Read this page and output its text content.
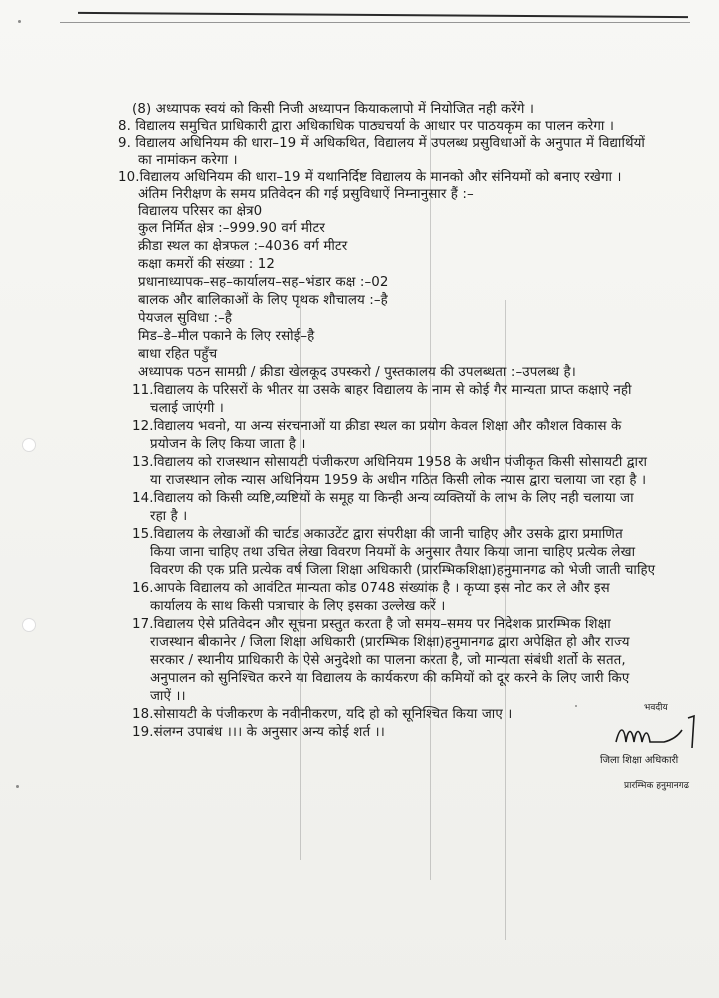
(8) अध्यापक स्वयं को किसी निजी अध्यापन कियाकलापो में नियोजित नही करेंगे ।
8. विद्यालय समुचित प्राधिकारी द्वारा अधिकाधिक पाठ्यचर्या के आधार पर पाठयकृम का पालन करेगा ।
9. विद्यालय अधिनियम की धारा–19 में अधिकथित, विद्यालय में उपलब्ध प्रसुविधाओं के अनुपात में विद्यार्थियों
का नामांकन करेगा ।
10.विद्यालय अधिनियम की धारा–19 में यथानिर्दिष्ट विद्यालय के मानको और संनियमों को बनाए रखेगा ।
अंतिम निरीक्षण के समय प्रतिवेदन की गई प्रसुविधाऐं निम्नानुसार हैं :–
विद्यालय परिसर का क्षेत्र0
कुल निर्मित क्षेत्र :–999.90 वर्ग मीटर
क्रीडा स्थल का क्षेत्रफल :–4036 वर्ग मीटर
कक्षा कमरों की संख्या : 12
प्रधानाध्यापक–सह–कार्यालय–सह–भंडार कक्ष :–02
बालक और बालिकाओं के लिए पृथक शौचालय :–है
पेयजल सुविधा :–है
मिड–डे–मील पकाने के लिए रसोई–है
बाधा रहित पहुँच
अध्यापक पठन सामग्री / क्रीडा खेलकूद उपस्करो / पुस्तकालय की उपलब्धता :–उपलब्ध है।
11.विद्यालय के परिसरों के भीतर या उसके बाहर विद्यालय के नाम से कोई गैर मान्यता प्राप्त कक्षाऐ नही
चलाई जाएंगी ।
12.विद्यालय भवनो, या अन्य संरचनाओं या क्रीडा स्थल का प्रयोग केवल शिक्षा और कौशल विकास के
प्रयोजन के लिए किया जाता है ।
13.विद्यालय को राजस्थान सोसायटी पंजीकरण अधिनियम 1958 के अधीन पंजीकृत किसी सोसायटी द्वारा
या राजस्थान लोक न्यास अधिनियम 1959 के अधीन गठित किसी लोक न्यास द्वारा चलाया जा रहा है ।
14.विद्यालय को किसी व्यष्टि,व्यष्टियों के समूह या किन्ही अन्य व्यक्तियों के लाभ के लिए नही चलाया जा
रहा है ।
15.विद्यालय के लेखाओं की चार्टड अकाउटेंट द्वारा संपरीक्षा की जानी चाहिए और उसके द्वारा प्रमाणित
किया जाना चाहिए तथा उचित लेखा विवरण नियमों के अनुसार तैयार किया जाना चाहिए प्रत्येक लेखा
विवरण की एक प्रति प्रत्येक वर्ष जिला शिक्षा अधिकारी (प्रारम्भिकशिक्षा)हनुमानगढ को भेजी जाती चाहिए
16.आपके विद्यालय को आवंटित मान्यता कोड 0748 संख्यांक है । कृप्या इस नोट कर ले और इस
कार्यालय के साथ किसी पत्राचार के लिए इसका उल्लेख करें ।
17.विद्यालय ऐसे प्रतिवेदन और सूचना प्रस्तुत करता है जो समय–समय पर निदेशक प्रारम्भिक शिक्षा
राजस्थान बीकानेर / जिला शिक्षा अधिकारी (प्रारम्भिक शिक्षा)हनुमानगढ द्वारा अपेक्षित हो और राज्य
सरकार / स्थानीय प्राधिकारी के ऐसे अनुदेशो का पालना करता है, जो मान्यता संबंधी शर्तो के सतत,
अनुपालन को सुनिश्चित करने या विद्यालय के कार्यकरण की कमियों को दूर करने के लिए जारी किए
जाऐं ।।
18.सोसायटी के पंजीकरण के नवीनीकरण, यदि हो को सूनिश्चित किया जाए ।
19.संलग्न उपाबंध ।।। के अनुसार अन्य कोई शर्त ।।
भवदीय
जिला शिक्षा अधिकारी
प्रारम्भिक हनुमानगढ
